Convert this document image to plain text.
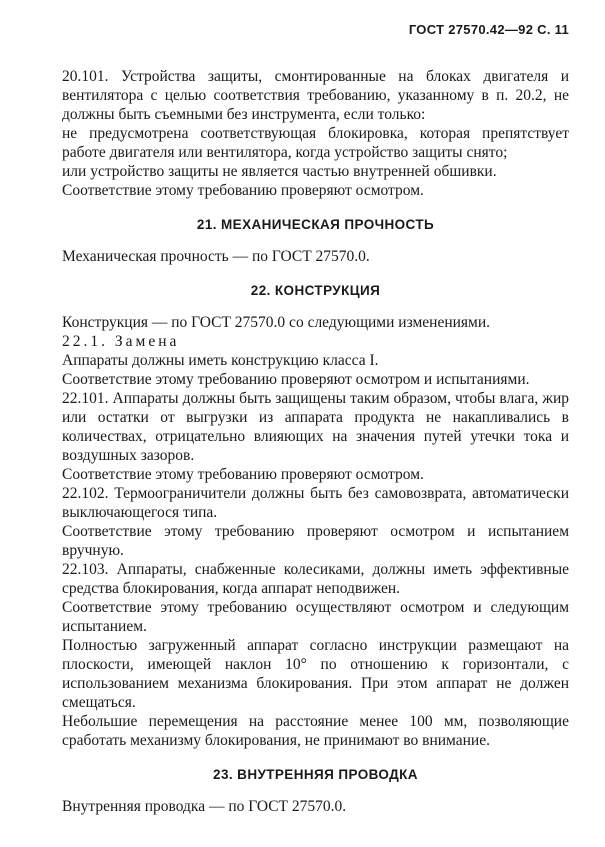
ГОСТ 27570.42—92 С. 11

20.101. Устройства защиты, смонтированные на блоках двигателя и вентилятора с целью соответствия требованию, указанному в п. 20.2, не должны быть съемными без инструмента, если только:

не предусмотрена соответствующая блокировка, которая препятствует работе двигателя или вентилятора, когда устройство защиты снято;

или устройство защиты не является частью внутренней обшивки.

Соответствие этому требованию проверяют осмотром.

21. МЕХАНИЧЕСКАЯ ПРОЧНОСТЬ

Механическая прочность — по ГОСТ 27570.0.

22. КОНСТРУКЦИЯ

Конструкция — по ГОСТ 27570.0 со следующими изменениями.

22.1. Замена

Аппараты должны иметь конструкцию класса I.

Соответствие этому требованию проверяют осмотром и испытаниями.

22.101. Аппараты должны быть защищены таким образом, чтобы влага, жир или остатки от выгрузки из аппарата продукта не накапливались в количествах, отрицательно влияющих на значения путей утечки тока и воздушных зазоров.

Соответствие этому требованию проверяют осмотром.

22.102. Термоограничители должны быть без самовозврата, автоматически выключающегося типа.

Соответствие этому требованию проверяют осмотром и испытанием вручную.

22.103. Аппараты, снабженные колесиками, должны иметь эффективные средства блокирования, когда аппарат неподвижен.

Соответствие этому требованию осуществляют осмотром и следующим испытанием.

Полностью загруженный аппарат согласно инструкции размещают на плоскости, имеющей наклон 10° по отношению к горизонтали, с использованием механизма блокирования. При этом аппарат не должен смещаться.

Небольшие перемещения на расстояние менее 100 мм, позволяющие сработать механизму блокирования, не принимают во внимание.

23. ВНУТРЕННЯЯ ПРОВОДКА

Внутренняя проводка — по ГОСТ 27570.0.
